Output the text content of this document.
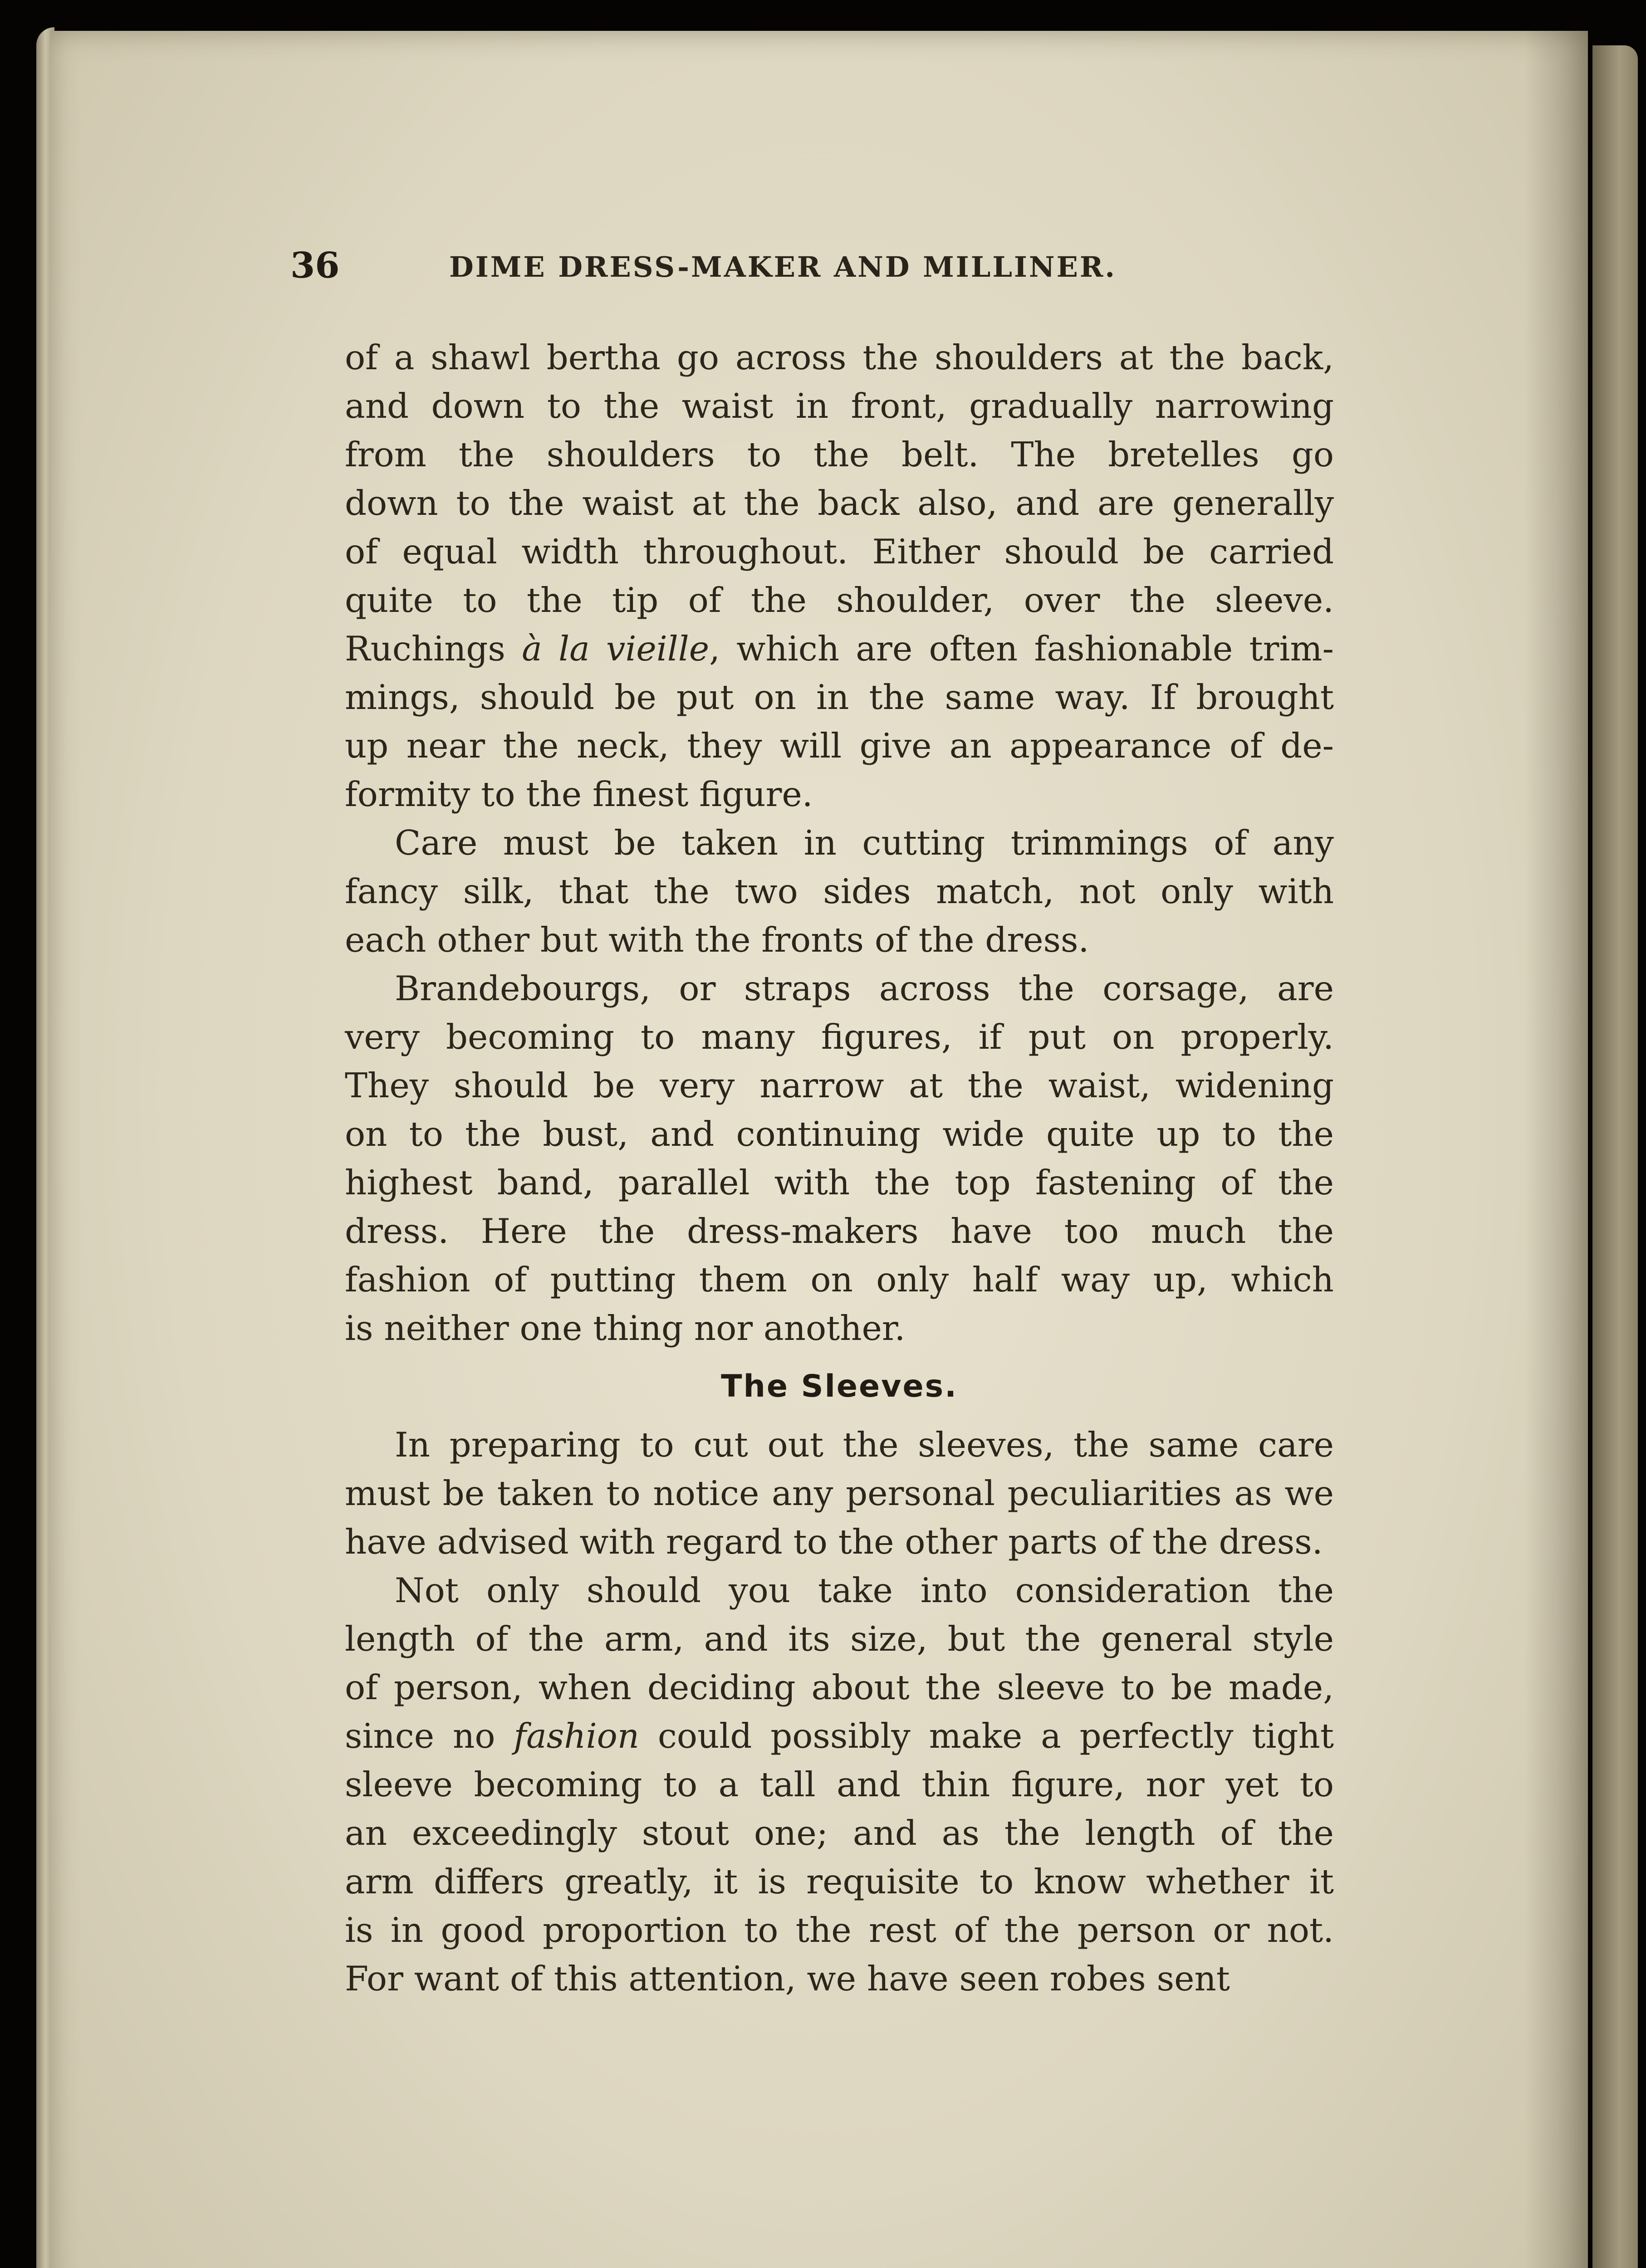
36	DIME DRESS-MAKER AND MILLINER.
of a shawl bertha go across the shoulders at the back,
and down to the waist in front, gradually narrowing
from the shoulders to the belt. The bretelles go
down to the waist at the back also, and are generally
of equal width throughout. Either should be carried
quite to the tip of the shoulder, over the sleeve.
Ruchings à la vieille, which are often fashionable trim-
mings, should be put on in the same way. If brought
up near the neck, they will give an appearance of de-
formity to the finest figure.
Care must be taken in cutting trimmings of any
fancy silk, that the two sides match, not only with
each other but with the fronts of the dress.
Brandebourgs, or straps across the corsage, are
very becoming to many figures, if put on properly.
They should be very narrow at the waist, widening
on to the bust, and continuing wide quite up to the
highest band, parallel with the top fastening of the
dress. Here the dress-makers have too much the
fashion of putting them on only half way up, which
is neither one thing nor another.
The Sleeves.
In preparing to cut out the sleeves, the same care
must be taken to notice any personal peculiarities as we
have advised with regard to the other parts of the dress.
Not only should you take into consideration the
length of the arm, and its size, but the general style
of person, when deciding about the sleeve to be made,
since no fashion could possibly make a perfectly tight
sleeve becoming to a tall and thin figure, nor yet to
an exceedingly stout one; and as the length of the
arm differs greatly, it is requisite to know whether it
is in good proportion to the rest of the person or not.
For want of this attention, we have seen robes sent
